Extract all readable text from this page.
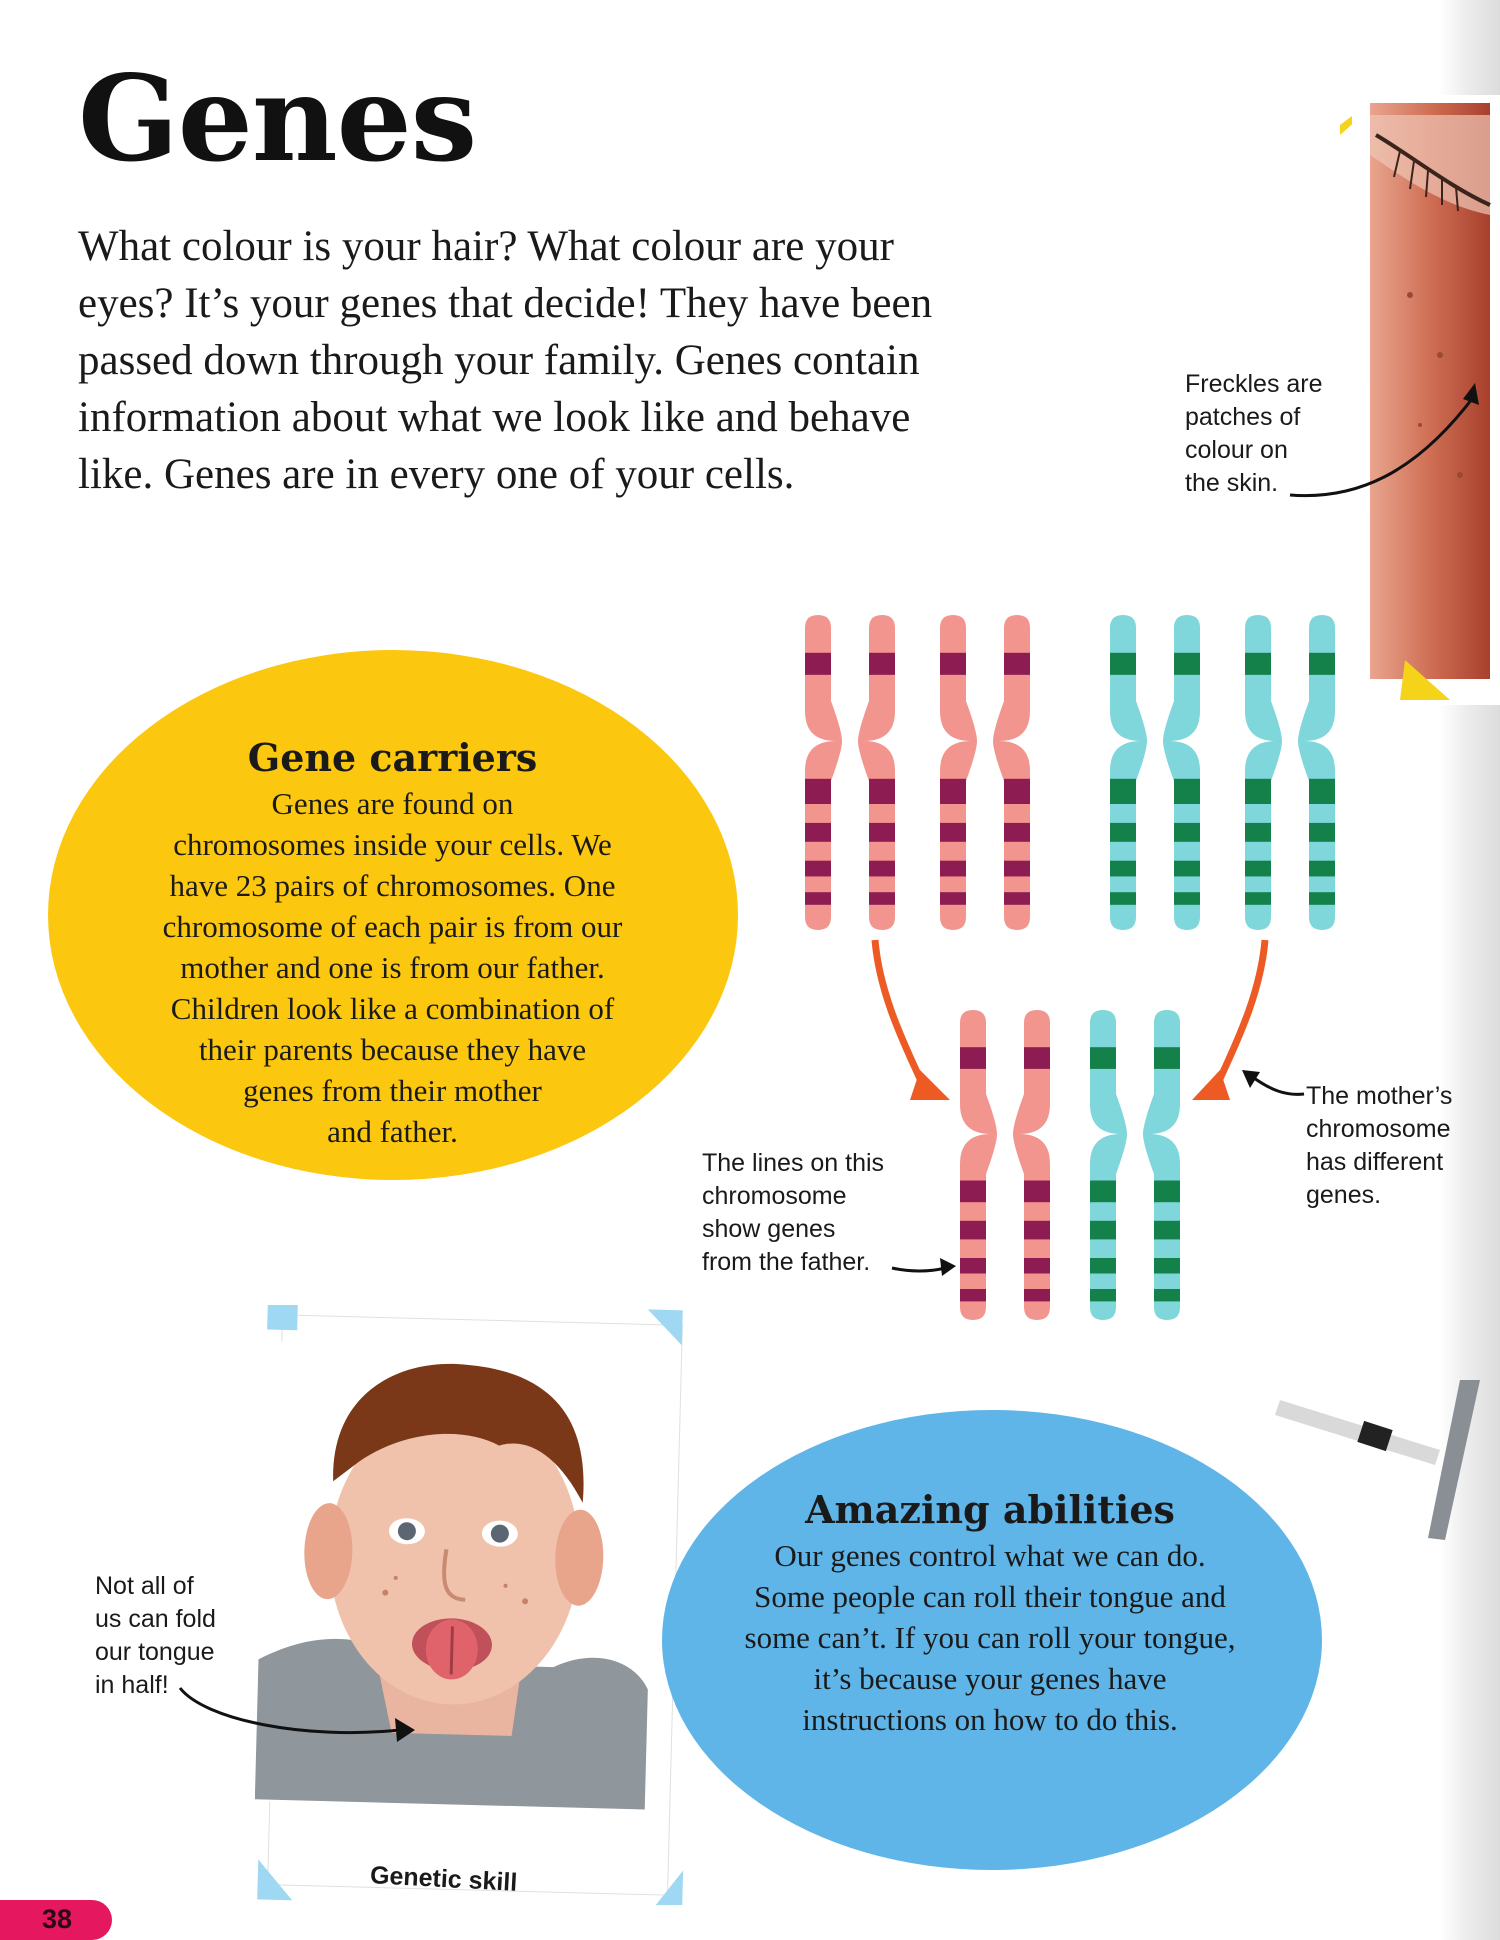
Genes

What colour is your hair? What colour are your eyes? It’s your genes that decide! They have been passed down through your family. Genes contain information about what we look like and behave like. Genes are in every one of your cells.

Freckles are
patches of
colour on
the skin.

Gene carriers

Genes are found on
chromosomes inside your cells. We
have 23 pairs of chromosomes. One
chromosome of each pair is from our
mother and one is from our father.
Children look like a combination of
their parents because they have
genes from their mother
and father.

The lines on this
chromosome
show genes
from the father.
The mother’s
chromosome
has different
genes.
Genetic skill
Not all of
us can fold
our tongue
in half!

Amazing abilities

Our genes control what we can do.
Some people can roll their tongue and
some can’t. If you can roll your tongue,
it’s because your genes have
instructions on how to do this.

38
